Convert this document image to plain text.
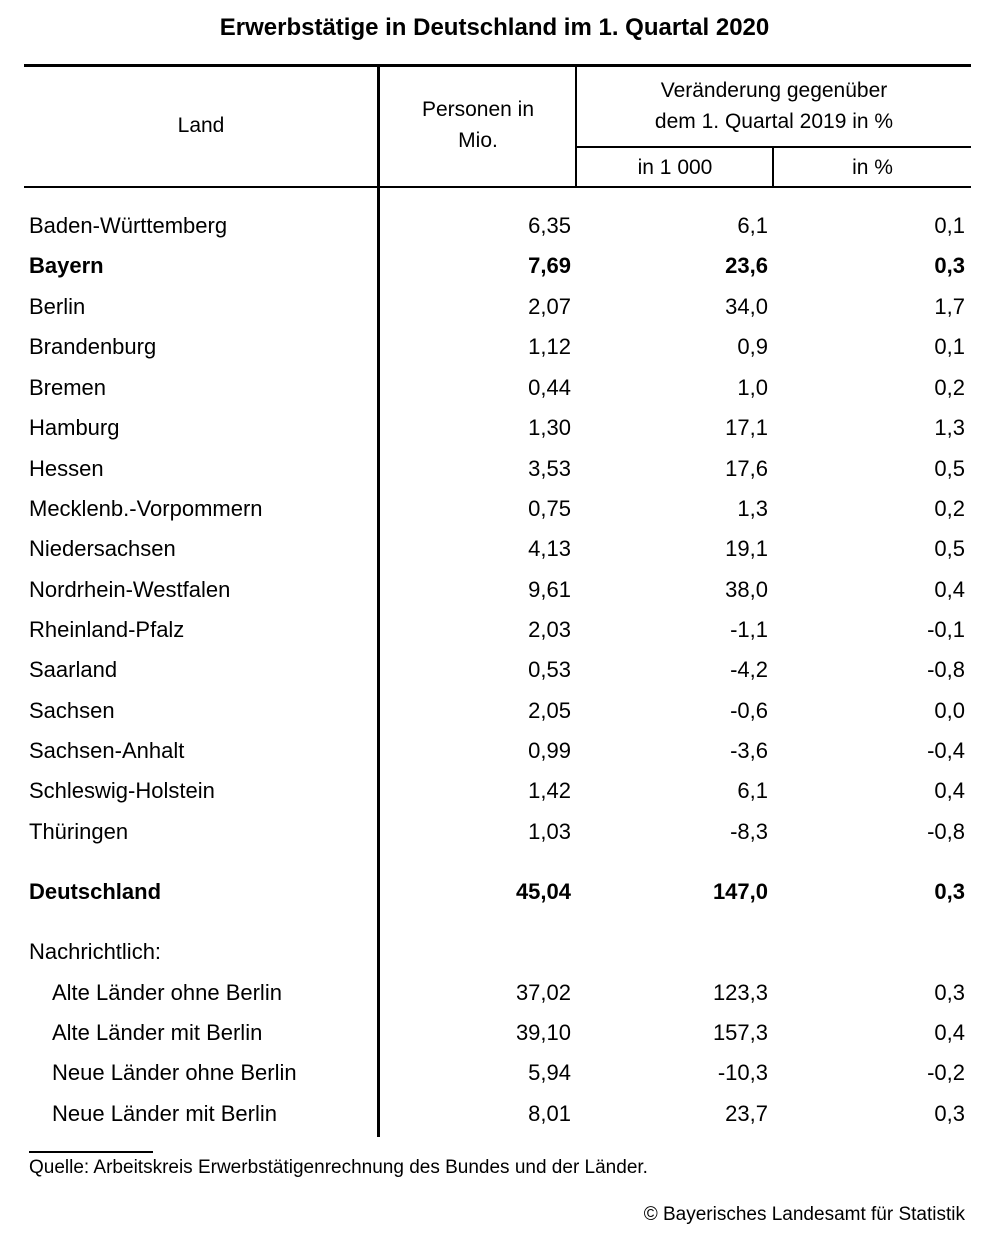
Erwerbstätige in Deutschland im 1. Quartal 2020
Land
Personen in
Mio.
Veränderung gegenüber
dem 1. Quartal 2019 in %
in 1 000	in %
Baden-Württemberg	6,35	6,1	0,1
Bayern	7,69	23,6	0,3
Berlin	2,07	34,0	1,7
Brandenburg	1,12	0,9	0,1
Bremen	0,44	1,0	0,2
Hamburg	1,30	17,1	1,3
Hessen	3,53	17,6	0,5
Mecklenb.-Vorpommern	0,75	1,3	0,2
Niedersachsen	4,13	19,1	0,5
Nordrhein-Westfalen	9,61	38,0	0,4
Rheinland-Pfalz	2,03	-1,1	-0,1
Saarland	0,53	-4,2	-0,8
Sachsen	2,05	-0,6	0,0
Sachsen-Anhalt	0,99	-3,6	-0,4
Schleswig-Holstein	1,42	6,1	0,4
Thüringen	1,03	-8,3	-0,8
Deutschland	45,04	147,0	0,3
Nachrichtlich:
Alte Länder ohne Berlin	37,02	123,3	0,3
Alte Länder mit Berlin	39,10	157,3	0,4
Neue Länder ohne Berlin	5,94	-10,3	-0,2
Neue Länder mit Berlin	8,01	23,7	0,3
Quelle: Arbeitskreis Erwerbstätigenrechnung des Bundes und der Länder.
© Bayerisches Landesamt für Statistik
